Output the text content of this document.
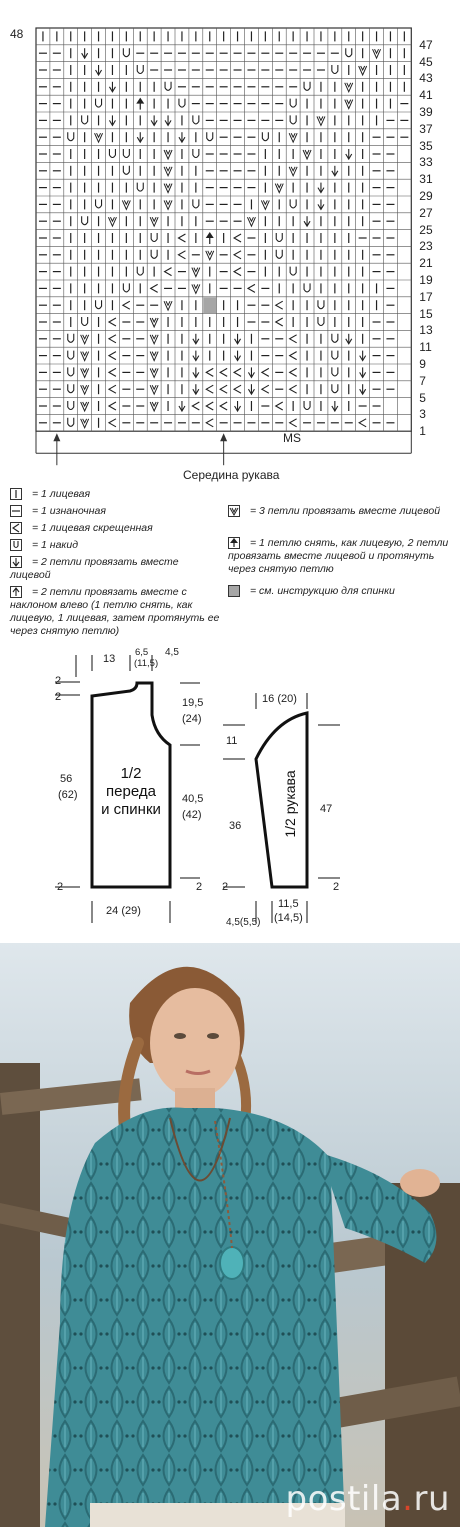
48
47
45
43
41
39
37
35
33
31
29
27
25
23
21
19
17
15
13
11
9
7
5
3
1
MS
Середина рукава
= 1 лицевая
= 1 изнаночная
= 1 лицевая скрещенная
= 1 накид
= 2 петли провязать вместе лицевой
= 2 петли провязать вместе с наклоном влево (1 петлю снять, как лицевую, 1 лицевая, затем протянуть ее через снятую петлю)
= 3 петли провязать вместе лицевой
= 1 петлю снять, как лицевую, 2 петли провязать вместе лицевой и протянуть через снятую петлю
= см. инструкцию для спинки
1/2
переда
и спинки
13
6,5
(11,5)
4,5
2
2
56
(62)
19,5
(24)
40,5
(42)
2	2
24 (29)
16 (20)
11
36
47
2	2
11,5
(14,5)
4,5(5,5)
1/2 рукава
postila.ru
